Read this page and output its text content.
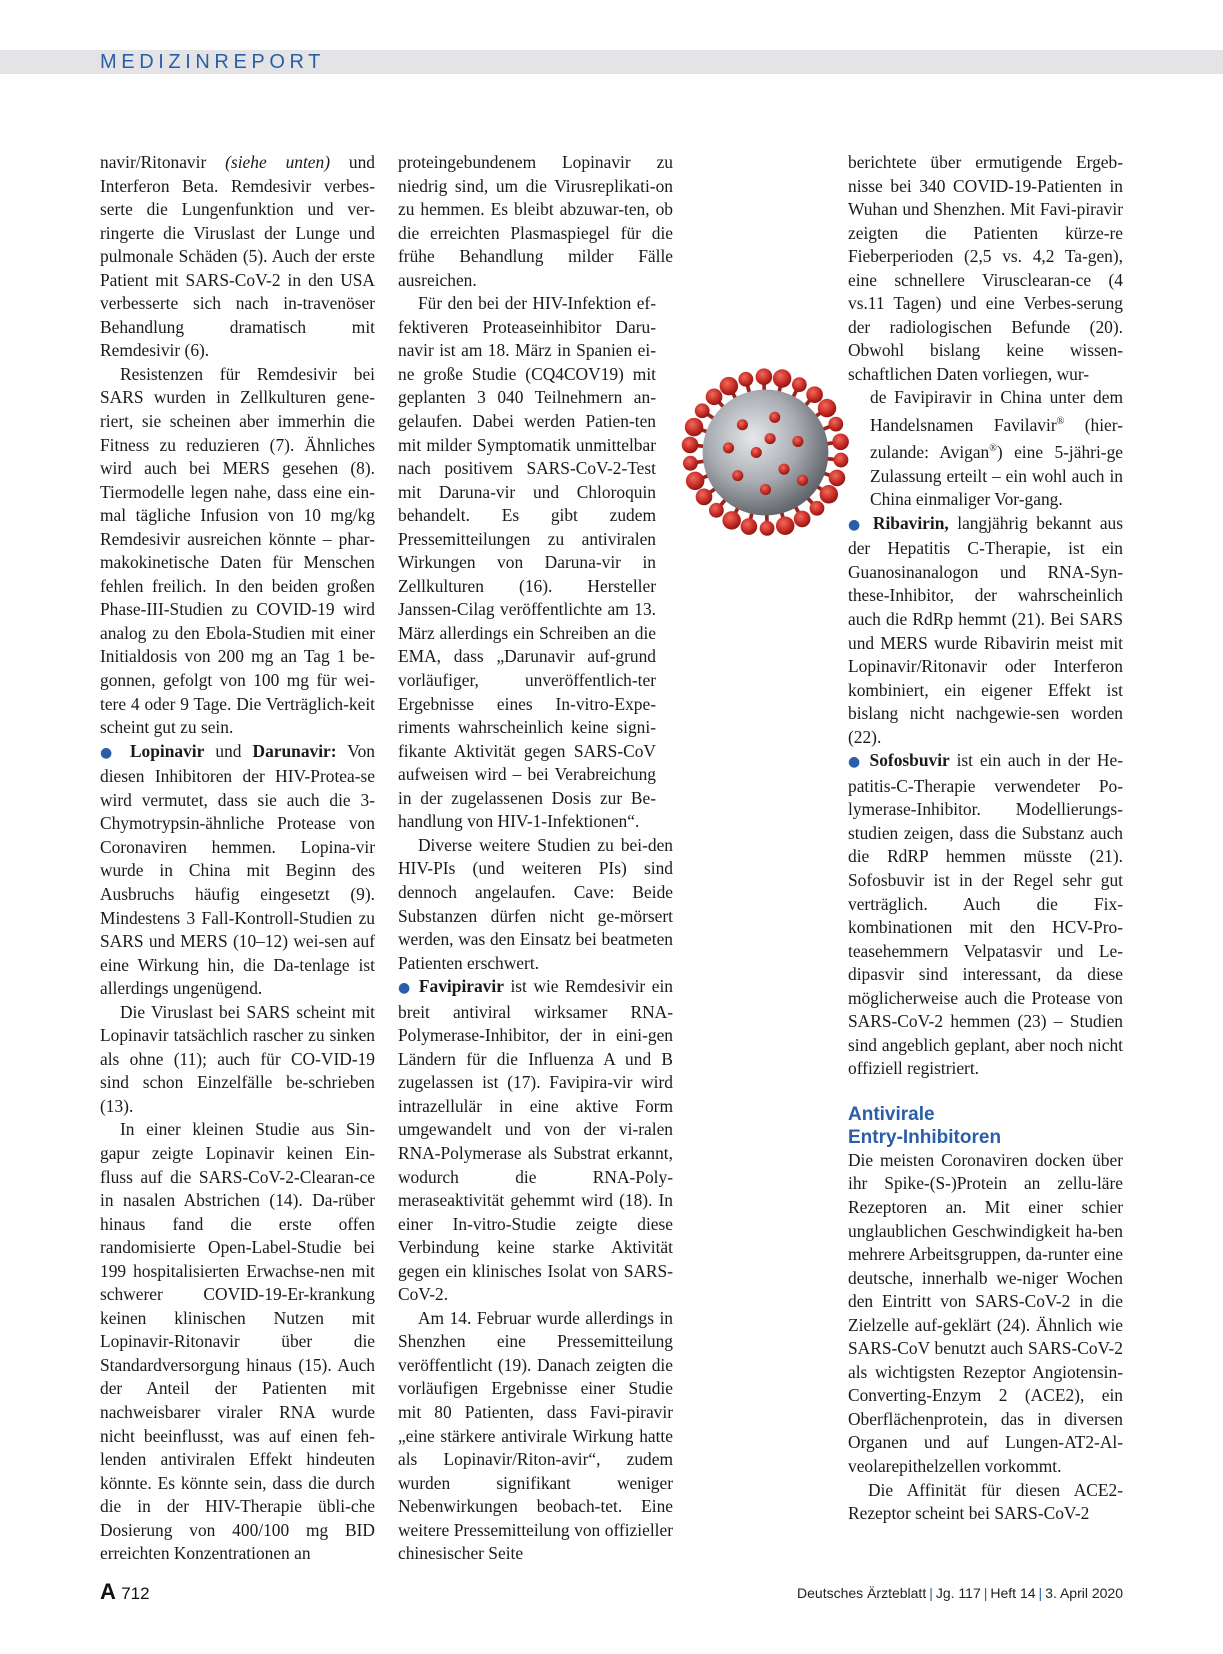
MEDIZINREPORT

navir/Ritonavir (siehe unten) und Interferon Beta. Remdesivir verbes-serte die Lungenfunktion und ver-ringerte die Viruslast der Lunge und pulmonale Schäden (5). Auch der erste Patient mit SARS-CoV-2 in den USA verbesserte sich nach in-travenöser Behandlung dramatisch mit Remdesivir (6).

Resistenzen für Remdesivir bei SARS wurden in Zellkulturen gene-riert, sie scheinen aber immerhin die Fitness zu reduzieren (7). Ähnliches wird auch bei MERS gesehen (8). Tiermodelle legen nahe, dass eine ein-mal tägliche Infusion von 10 mg/kg Remdesivir ausreichen könnte – phar-makokinetische Daten für Menschen fehlen freilich. In den beiden großen Phase-III-Studien zu COVID-19 wird analog zu den Ebola-Studien mit einer Initialdosis von 200 mg an Tag 1 be-gonnen, gefolgt von 100 mg für wei-tere 4 oder 9 Tage. Die Verträglich-keit scheint gut zu sein.

● Lopinavir und Darunavir: Von diesen Inhibitoren der HIV-Protea-se wird vermutet, dass sie auch die 3-Chymotrypsin-ähnliche Protease von Coronaviren hemmen. Lopina-vir wurde in China mit Beginn des Ausbruchs häufig eingesetzt (9). Mindestens 3 Fall-Kontroll-Studien zu SARS und MERS (10–12) wei-sen auf eine Wirkung hin, die Da-tenlage ist allerdings ungenügend.

Die Viruslast bei SARS scheint mit Lopinavir tatsächlich rascher zu sinken als ohne (11); auch für CO-VID-19 sind schon Einzelfälle be-schrieben (13).

In einer kleinen Studie aus Sin-gapur zeigte Lopinavir keinen Ein-fluss auf die SARS-CoV-2-Clearan-ce in nasalen Abstrichen (14). Da-rüber hinaus fand die erste offen randomisierte Open-Label-Studie bei 199 hospitalisierten Erwachse-nen mit schwerer COVID-19-Er-krankung keinen klinischen Nutzen mit Lopinavir-Ritonavir über die Standardversorgung hinaus (15). Auch der Anteil der Patienten mit nachweisbarer viraler RNA wurde nicht beeinflusst, was auf einen feh-lenden antiviralen Effekt hindeuten könnte. Es könnte sein, dass die durch die in der HIV-Therapie übli-che Dosierung von 400/100 mg BID erreichten Konzentrationen an

proteingebundenem Lopinavir zu niedrig sind, um die Virusreplikati-on zu hemmen. Es bleibt abzuwar-ten, ob die erreichten Plasmaspiegel für die frühe Behandlung milder Fälle ausreichen.

Für den bei der HIV-Infektion ef-fektiveren Proteaseinhibitor Daru-navir ist am 18. März in Spanien ei-ne große Studie (CQ4COV19) mit geplanten 3 040 Teilnehmern an-gelaufen. Dabei werden Patien-ten mit milder Symptomatik unmittelbar nach positivem SARS-CoV-2-Test mit Daruna-vir und Chloroquin behandelt. Es gibt zudem Pressemitteilungen zu antiviralen Wirkungen von Daruna-vir in Zellkulturen (16). Hersteller Janssen-Cilag veröffentlichte am 13. März allerdings ein Schreiben an die EMA, dass „Darunavir auf-grund vorläufiger, unveröffentlich-ter Ergebnisse eines In-vitro-Expe-riments wahrscheinlich keine signi-fikante Aktivität gegen SARS-CoV aufweisen wird – bei Verabreichung in der zugelassenen Dosis zur Be-handlung von HIV-1-Infektionen“.

Diverse weitere Studien zu bei-den HIV-PIs (und weiteren PIs) sind dennoch angelaufen. Cave: Beide Substanzen dürfen nicht ge-mörsert werden, was den Einsatz bei beatmeten Patienten erschwert.

● Favipiravir ist wie Remdesivir ein breit antiviral wirksamer RNA-Polymerase-Inhibitor, der in eini-gen Ländern für die Influenza A und B zugelassen ist (17). Favipira-vir wird intrazellulär in eine aktive Form umgewandelt und von der vi-ralen RNA-Polymerase als Substrat erkannt, wodurch die RNA-Poly-meraseaktivität gehemmt wird (18). In einer In-vitro-Studie zeigte diese Verbindung keine starke Aktivität gegen ein klinisches Isolat von SARS-CoV-2.

Am 14. Februar wurde allerdings in Shenzhen eine Pressemitteilung veröffentlicht (19). Danach zeigten die vorläufigen Ergebnisse einer Studie mit 80 Patienten, dass Favi-piravir „eine stärkere antivirale Wirkung hatte als Lopinavir/Riton-avir“, zudem wurden signifikant weniger Nebenwirkungen beobach-tet. Eine weitere Pressemitteilung von offizieller chinesischer Seite

berichtete über ermutigende Ergeb-nisse bei 340 COVID-19-Patienten in Wuhan und Shenzhen. Mit Favi-piravir zeigten die Patienten kürze-re Fieberperioden (2,5 vs. 4,2 Ta-gen), eine schnellere Virusclearan-ce (4 vs.11 Tagen) und eine Verbes-serung der radiologischen Befunde (20). Obwohl bislang keine wissen-schaftlichen Daten vorliegen, wur-

de Favipiravir in China unter dem Handelsnamen Favilavir® (hier-zulande: Avigan®) eine 5-jähri-ge Zulassung erteilt – ein wohl auch in China einmaliger Vor-gang.

● Ribavirin, langjährig bekannt aus der Hepatitis C-Therapie, ist ein Guanosinanalogon und RNA-Syn-these-Inhibitor, der wahrscheinlich auch die RdRp hemmt (21). Bei SARS und MERS wurde Ribavirin meist mit Lopinavir/Ritonavir oder Interferon kombiniert, ein eigener Effekt ist bislang nicht nachgewie-sen worden (22).

● Sofosbuvir ist ein auch in der He-patitis-C-Therapie verwendeter Po-lymerase-Inhibitor. Modellierungs-studien zeigen, dass die Substanz auch die RdRP hemmen müsste (21). Sofosbuvir ist in der Regel sehr gut verträglich. Auch die Fix-kombinationen mit den HCV-Pro-teasehemmern Velpatasvir und Le-dipasvir sind interessant, da diese möglicherweise auch die Protease von SARS-CoV-2 hemmen (23) – Studien sind angeblich geplant, aber noch nicht offiziell registriert.

Antivirale
Entry-Inhibitoren

Die meisten Coronaviren docken über ihr Spike-(S-)Protein an zellu-läre Rezeptoren an. Mit einer schier unglaublichen Geschwindigkeit ha-ben mehrere Arbeitsgruppen, da-runter eine deutsche, innerhalb we-niger Wochen den Eintritt von SARS-CoV-2 in die Zielzelle auf-geklärt (24). Ähnlich wie SARS-CoV benutzt auch SARS-CoV-2 als wichtigsten Rezeptor Angiotensin-Converting-Enzym 2 (ACE2), ein Oberflächenprotein, das in diversen Organen und auf Lungen-AT2-Al-veolarepithelzellen vorkommt.

Die Affinität für diesen ACE2-Rezeptor scheint bei SARS-CoV-2

A 712	Deutsches Ärzteblatt | Jg. 117 | Heft 14 | 3. April 2020
